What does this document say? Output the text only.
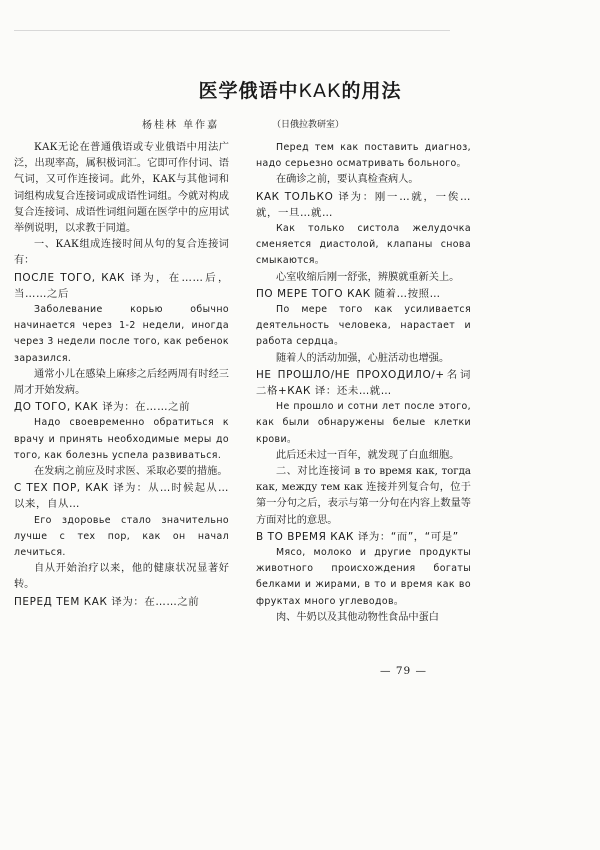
医学俄语中КАК的用法
杨桂林 单作嘉	（日俄拉教研室）

КАК无论在普通俄语或专业俄语中用法广泛，出现率高，属积极词汇。它即可作付词、语气词，又可作连接词。此外，КАК与其他词和词组构成复合连接词或成语性词组。今就对构成复合连接词、成语性词组问题在医学中的应用试举例说明，以求教于同道。

一、КАК组成连接时间从句的复合连接词有：

ПОСЛЕ ТОГО, КАК 译为，在……后，当……之后

Заболевание корью обычно начинается через 1-2 недели, иногда через 3 недели после того, как ребенок заразился.

通常小儿在感染上麻疹之后经两周有时经三周才开始发病。

ДО ТОГО, КАК 译为：在……之前

Надо своевременно обратиться к врачу и принять необходимые меры до того, как болезнь успела развиваться.

在发病之前应及时求医、采取必要的措施。

С ТЕХ ПОР, КАК 译为：从…时候起从…以来，自从…

Его здоровье стало значительно лучше с тех пор, как он начал лечиться.

自从开始治疗以来，他的健康状况显著好转。

ПЕРЕД ТЕМ КАК 译为：在……之前

Перед тем как поставить диагноз, надо серьезно осматривать больного。

在确诊之前，要认真检查病人。

КАК ТОЛЬКО 译为：刚一…就，一俟…就，一旦…就…

Как только систола желудочка сменяется диастолой, клапаны снова смыкаются。

心室收缩后刚一舒张，辨膜就重新关上。

ПО МЕРЕ ТОГО КАК 随着…按照…

По мере того как усиливается деятельность человека, нарастает и работа сердца。

随着人的活动加强，心脏活动也增强。

НЕ ПРОШЛО/НЕ ПРОХОДИЛО/+名词二格+КАК 译：还未…就…

Не прошло и сотни лет после этого, как были обнаружены белые клетки крови。

此后还未过一百年，就发现了白血细胞。

二、对比连接词 в то время как, тогда как, между тем как 连接并列复合句，位于第一分句之后，表示与第一分句在内容上数量等方面对比的意思。

В ТО ВРЕМЯ КАК 译为：“而”，“可是”

Мясо, молоко и другие продукты животного происхождения богаты белками и жирами, в то и время как во фруктах много углеводов。

肉、牛奶以及其他动物性食品中蛋白

— 79 —
